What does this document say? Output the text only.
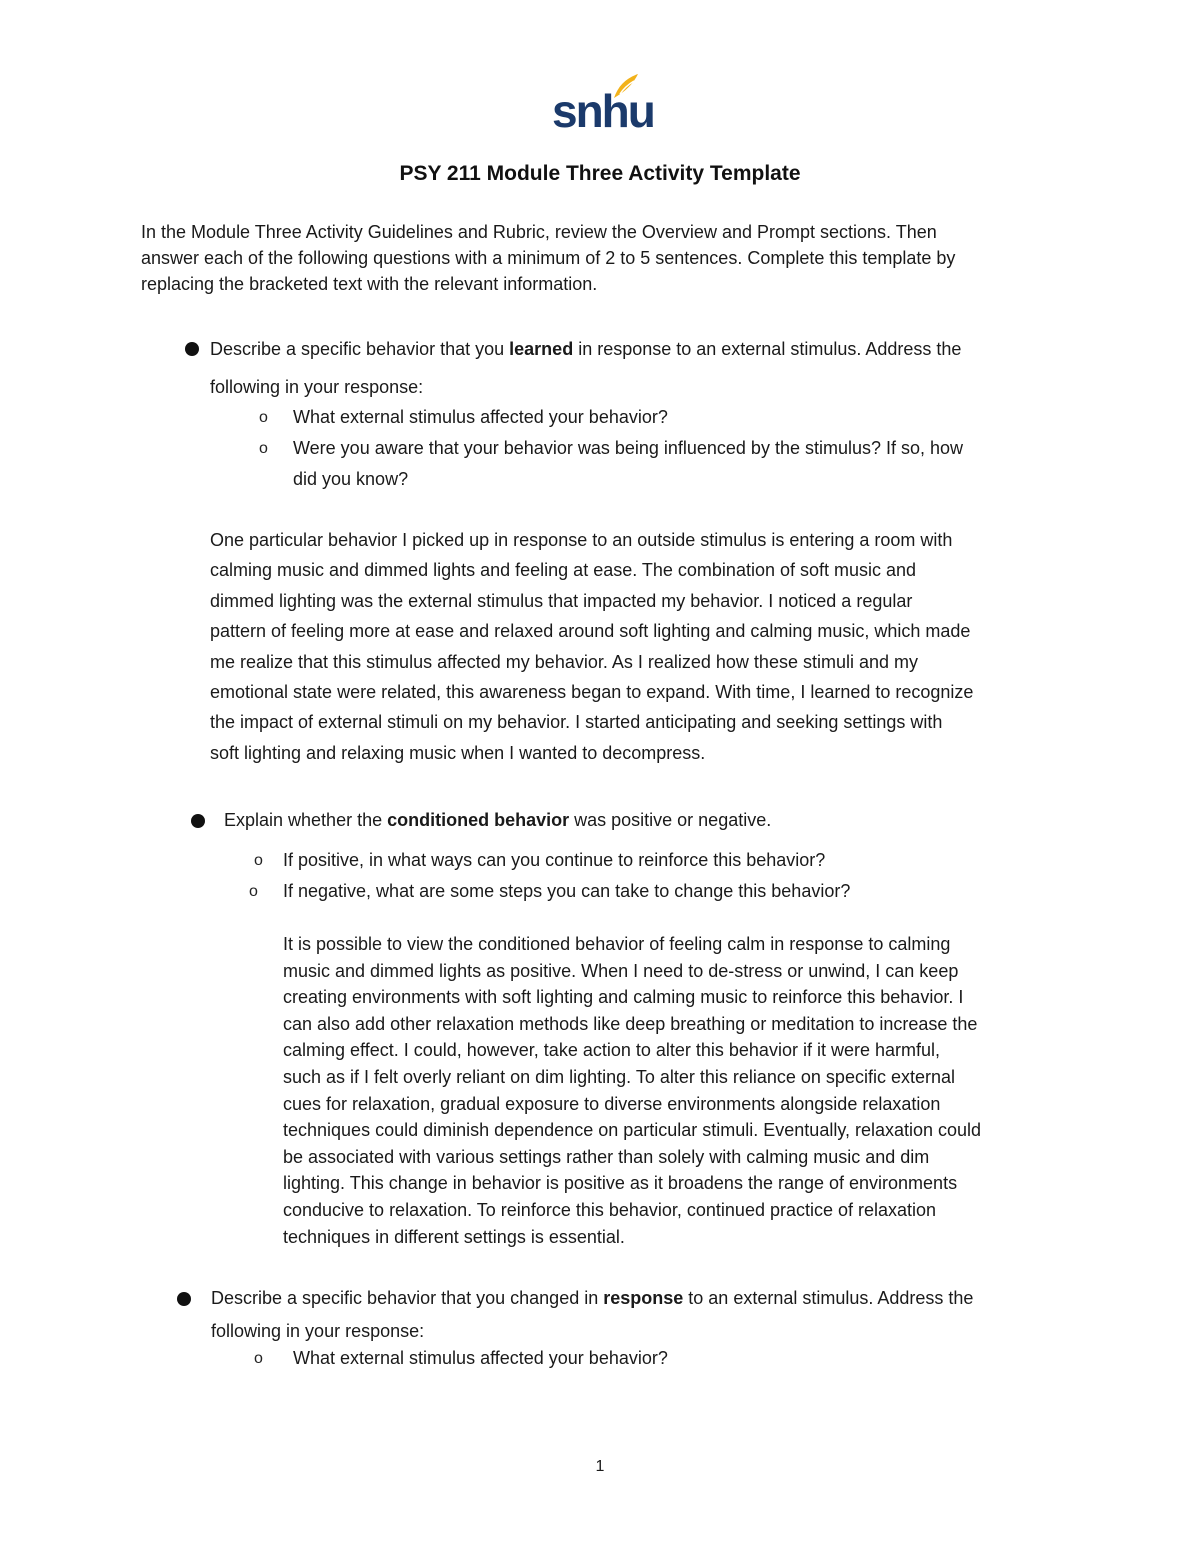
snhu
PSY 211 Module Three Activity Template
In the Module Three Activity Guidelines and Rubric, review the Overview and Prompt sections. Then
answer each of the following questions with a minimum of 2 to 5 sentences. Complete this template by
replacing the bracketed text with the relevant information.
Describe a specific behavior that you learned in response to an external stimulus. Address the
following in your response:
o What external stimulus affected your behavior?
o Were you aware that your behavior was being influenced by the stimulus? If so, how
did you know?
One particular behavior I picked up in response to an outside stimulus is entering a room with
calming music and dimmed lights and feeling at ease. The combination of soft music and
dimmed lighting was the external stimulus that impacted my behavior. I noticed a regular
pattern of feeling more at ease and relaxed around soft lighting and calming music, which made
me realize that this stimulus affected my behavior. As I realized how these stimuli and my
emotional state were related, this awareness began to expand. With time, I learned to recognize
the impact of external stimuli on my behavior. I started anticipating and seeking settings with
soft lighting and relaxing music when I wanted to decompress.
Explain whether the conditioned behavior was positive or negative.
o If positive, in what ways can you continue to reinforce this behavior?
o If negative, what are some steps you can take to change this behavior?
It is possible to view the conditioned behavior of feeling calm in response to calming
music and dimmed lights as positive. When I need to de-stress or unwind, I can keep
creating environments with soft lighting and calming music to reinforce this behavior. I
can also add other relaxation methods like deep breathing or meditation to increase the
calming effect. I could, however, take action to alter this behavior if it were harmful,
such as if I felt overly reliant on dim lighting. To alter this reliance on specific external
cues for relaxation, gradual exposure to diverse environments alongside relaxation
techniques could diminish dependence on particular stimuli. Eventually, relaxation could
be associated with various settings rather than solely with calming music and dim
lighting. This change in behavior is positive as it broadens the range of environments
conducive to relaxation. To reinforce this behavior, continued practice of relaxation
techniques in different settings is essential.
Describe a specific behavior that you changed in response to an external stimulus. Address the
following in your response:
o What external stimulus affected your behavior?
1
